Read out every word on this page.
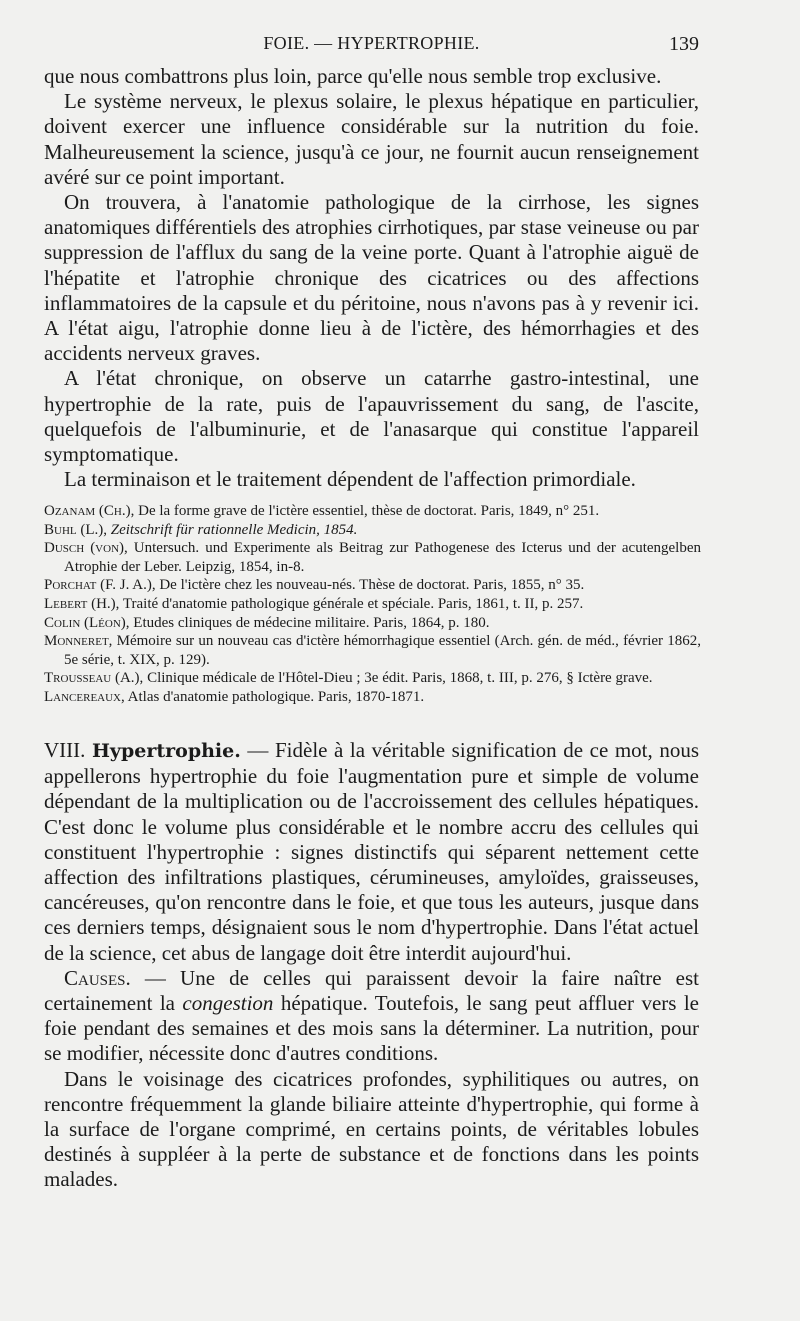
FOIE. — HYPERTROPHIE.	139

que nous combattrons plus loin, parce qu'elle nous semble trop exclusive.

Le système nerveux, le plexus solaire, le plexus hépatique en particulier, doivent exercer une influence considérable sur la nutrition du foie. Malheureusement la science, jusqu'à ce jour, ne fournit aucun renseignement avéré sur ce point important.

On trouvera, à l'anatomie pathologique de la cirrhose, les signes anatomiques différentiels des atrophies cirrhotiques, par stase veineuse ou par suppression de l'afflux du sang de la veine porte. Quant à l'atrophie aiguë de l'hépatite et l'atrophie chronique des cicatrices ou des affections inflammatoires de la capsule et du péritoine, nous n'avons pas à y revenir ici. A l'état aigu, l'atrophie donne lieu à de l'ictère, des hémorrhagies et des accidents nerveux graves.

A l'état chronique, on observe un catarrhe gastro-intestinal, une hypertrophie de la rate, puis de l'apauvrissement du sang, de l'ascite, quelquefois de l'albuminurie, et de l'anasarque qui constitue l'appareil symptomatique.

La terminaison et le traitement dépendent de l'affection primordiale.

Ozanam (Ch.), De la forme grave de l'ictère essentiel, thèse de doctorat. Paris, 1849, n° 251.
Buhl (L.), Zeitschrift für rationnelle Medicin, 1854.
Dusch (von), Untersuch. und Experimente als Beitrag zur Pathogenese des Icterus und der acutengelben Atrophie der Leber. Leipzig, 1854, in-8.
Porchat (F. J. A.), De l'ictère chez les nouveau-nés. Thèse de doctorat. Paris, 1855, n° 35.
Lebert (H.), Traité d'anatomie pathologique générale et spéciale. Paris, 1861, t. II, p. 257.
Colin (Léon), Etudes cliniques de médecine militaire. Paris, 1864, p. 180.
Monneret, Mémoire sur un nouveau cas d'ictère hémorrhagique essentiel (Arch. gén. de méd., février 1862, 5e série, t. XIX, p. 129).
Trousseau (A.), Clinique médicale de l'Hôtel-Dieu ; 3e édit. Paris, 1868, t. III, p. 276, § Ictère grave.
Lancereaux, Atlas d'anatomie pathologique. Paris, 1870-1871.

VIII. Hypertrophie. — Fidèle à la véritable signification de ce mot, nous appellerons hypertrophie du foie l'augmentation pure et simple de volume dépendant de la multiplication ou de l'accroissement des cellules hépatiques. C'est donc le volume plus considérable et le nombre accru des cellules qui constituent l'hypertrophie : signes distinctifs qui séparent nettement cette affection des infiltrations plastiques, cérumineuses, amyloïdes, graisseuses, cancéreuses, qu'on rencontre dans le foie, et que tous les auteurs, jusque dans ces derniers temps, désignaient sous le nom d'hypertrophie. Dans l'état actuel de la science, cet abus de langage doit être interdit aujourd'hui.

Causes. — Une de celles qui paraissent devoir la faire naître est certainement la congestion hépatique. Toutefois, le sang peut affluer vers le foie pendant des semaines et des mois sans la déterminer. La nutrition, pour se modifier, nécessite donc d'autres conditions.

Dans le voisinage des cicatrices profondes, syphilitiques ou autres, on rencontre fréquemment la glande biliaire atteinte d'hypertrophie, qui forme à la surface de l'organe comprimé, en certains points, de véritables lobules destinés à suppléer à la perte de substance et de fonctions dans les points malades.
